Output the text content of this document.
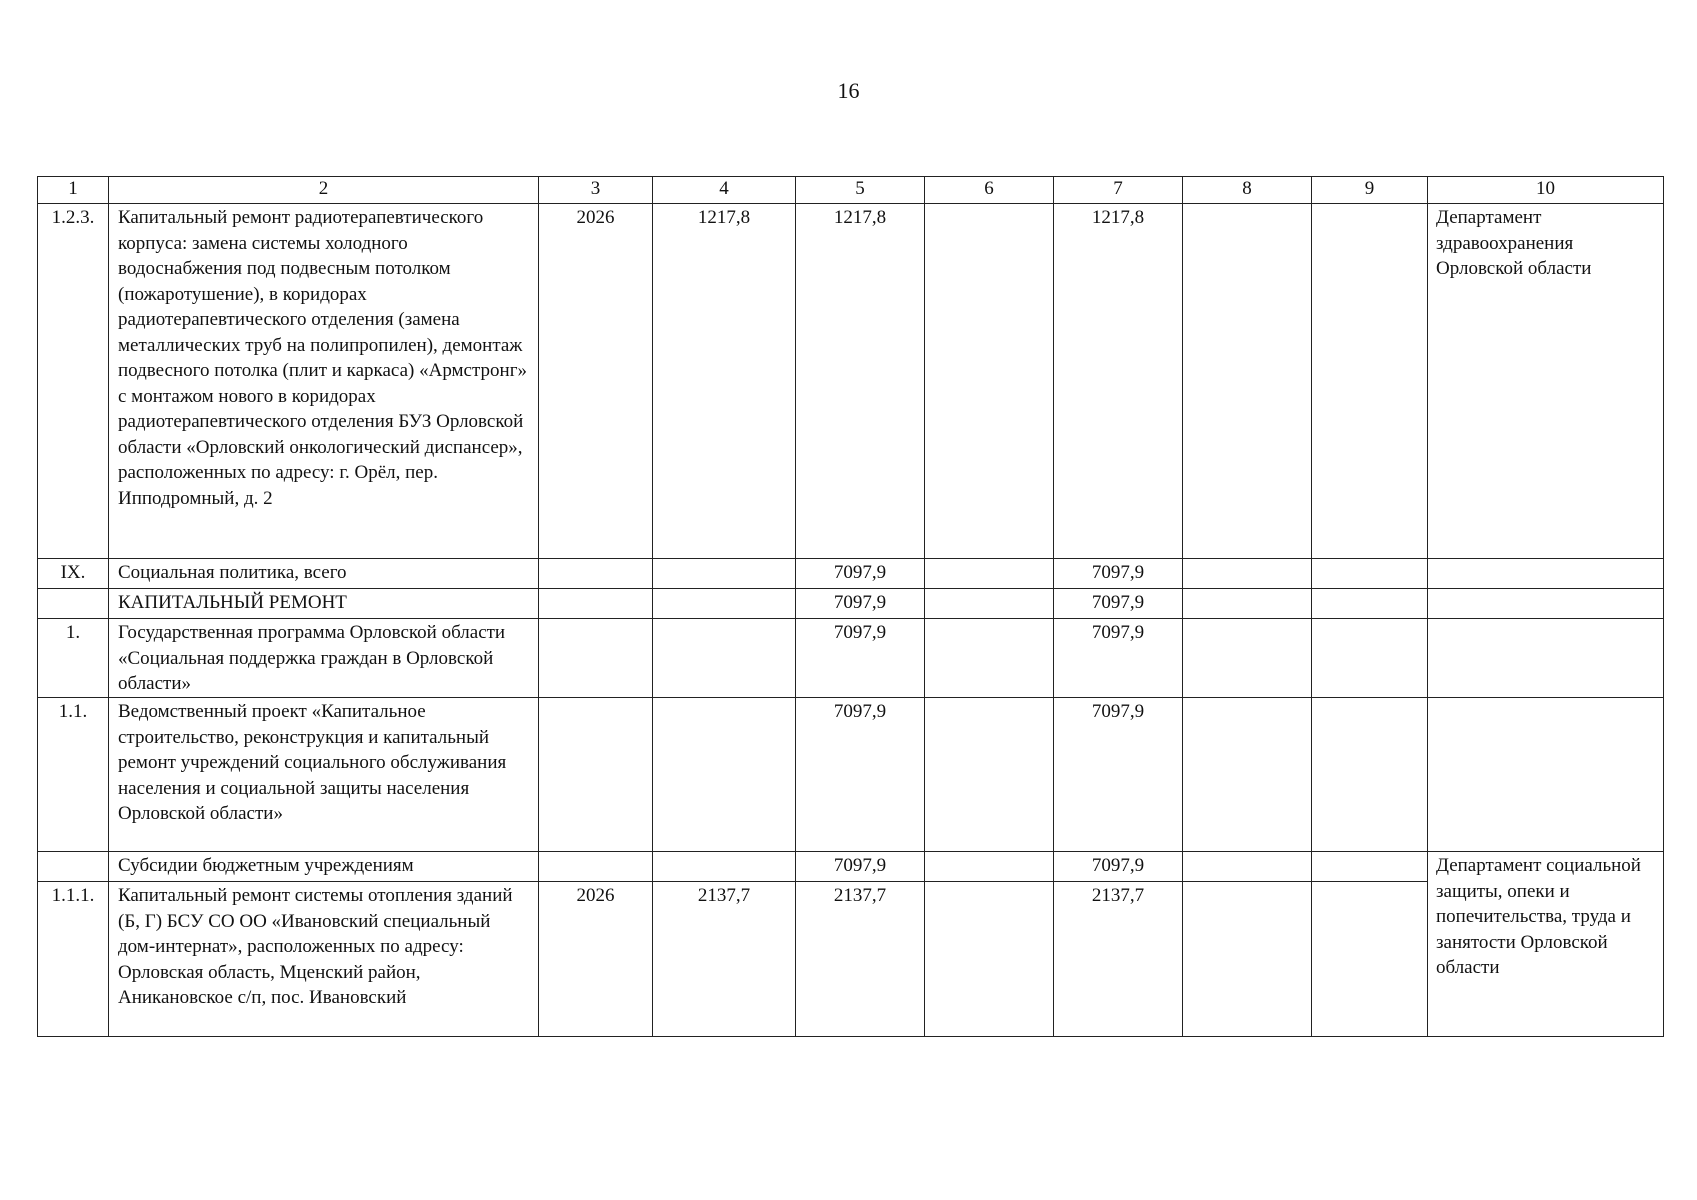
16
1	2	3	4	5	6	7	8	9	10
1.2.3.	Капитальный ремонт радиотерапевтического корпуса: замена системы холодного водоснабжения под подвесным потолком (пожаротушение), в коридорах радиотерапевтического отделения (замена металлических труб на полипропилен), демонтаж подвесного потолка (плит и каркаса) «Армстронг» с монтажом нового в коридорах радиотерапевтического отделения БУЗ Орловской области «Орловский онкологический диспансер», расположенных по адресу: г. Орёл, пер. Ипподромный, д. 2	2026	1217,8	1217,8		1217,8			Департамент здравоохранения Орловской области
IX.	Социальная политика, всего			7097,9		7097,9			
	КАПИТАЛЬНЫЙ РЕМОНТ			7097,9		7097,9			
1.	Государственная программа Орловской области «Социальная поддержка граждан в Орловской области»			7097,9		7097,9			
1.1.	Ведомственный проект «Капитальное строительство, реконструкция и капитальный ремонт учреждений социального обслуживания населения и социальной защиты населения Орловской области»			7097,9		7097,9			
	Субсидии бюджетным учреждениям			7097,9		7097,9			Департамент социальной защиты, опеки и попечительства, труда и занятости Орловской области
1.1.1.	Капитальный ремонт системы отопления зданий (Б, Г) БСУ СО ОО «Ивановский специальный дом-интернат», расположенных по адресу: Орловская область, Мценский район, Аникановское с/п, пос. Ивановский	2026	2137,7	2137,7		2137,7			
